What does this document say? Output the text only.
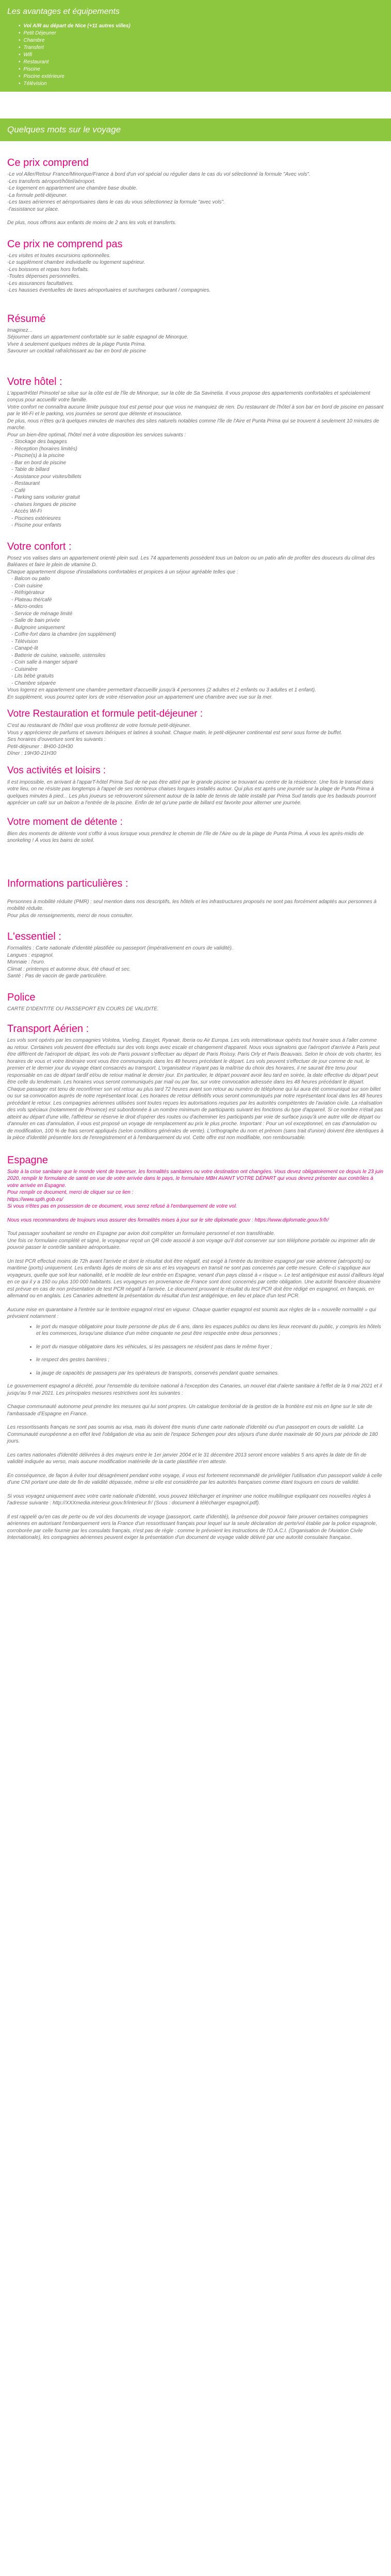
Les avantages et équipements
• Vol A/R au départ de Nice (+11 autres villes)
• Petit Déjeuner
• Chambre
• Transfert
• Wifi
• Restaurant
• Piscine
• Piscine extérieure
• Télévision
Quelques mots sur le voyage
Ce prix comprend

-Le vol Aller/Retour France/Minorque/France à bord d'un vol spécial ou régulier dans le cas du vol sélectionné la formule "Avec vols".

-Les transferts aéroport/hôtel/aéroport.

-Le logement en appartement une chambre base double.

-La formule petit-déjeuner.

-Les taxes aériennes et aéroportuaires dans le cas du vous sélectionnez la formule "avec vols".

-l'assistance sur place.

De plus, nous offrons aux enfants de moins de 2 ans les vols et transferts.

Ce prix ne comprend pas

-Les visites et toutes excursions optionnelles.

-Le supplément chambre individuelle ou logement supérieur.

-Les boissons et repas hors forfaits.

-Toutes dépenses personnelles.

-Les assurances facultatives.

-Les hausses éventuelles de taxes aéroportuaires et surcharges carburant / compagnies.

Résumé

Imaginez...

Séjourner dans un appartement confortable sur le sable espagnol de Minorque.

Vivre à seulement quelques mètres de la plage Punta Prima.

Savourer un cocktail rafraîchissant au bar en bord de piscine

Votre hôtel :

L'appartHôtel Prinsotel se situe sur la côte est de l'île de Minorque, sur la côte de Sa Savinetia. Il vous propose des appartements confortables et spécialement conçus pour accueillir votre famille.

Votre confort ne connaîtra aucune limite puisque tout est pensé pour que vous ne manquiez de rien. Du restaurant de l'hôtel à son bar en bord de piscine en passant par le Wi-Fi et le parking, vos journées se seront que détente et insouciance.

De plus, nous n'êtes qu'à quelques minutes de marches des sites naturels notables comme l'île de l'Aire et Punta Prima qui se trouvent à seulement 10 minutes de marche.

Pour un bien-être optimal, l'hôtel met à votre disposition les services suivants :

- Stockage des bagages

- Réception (horaires limités)

- Piscine(s) à la piscine

- Bar en bord de piscine

- Table de billard

- Assistance pour visites/billets

- Restaurant

- Café

- Parking sans voiturier gratuit

- chaises longues de piscine

- Accès Wi-Fi

- Piscines extérieures

- Piscine pour enfants

Votre confort :

Posez vos valises dans un appartement orienté plein sud. Les 74 appartements possèdent tous un balcon ou un patio afin de profiter des douceurs du climat des Baléares et faire le plein de vitamine D.

Chaque appartement dispose d'installations confortables et propices à un séjour agréable telles que :

- Balcon ou patio

- Coin cuisine

- Réfrigérateur

- Plateau thé/café

- Micro-ondes

- Service de ménage limité

- Salle de bain privée

- Bulgnoire uniquement

- Coffre-fort dans la chambre (en supplément)

- Télévision

- Canapé-lit

- Batterie de cuisine, vaisselle, ustensiles

- Coin salle à manger séparé

- Cuisinière

- Lits bébé gratuits

- Chambre séparée

Vous logerez en appartement une chambre permettant d'accueillir jusqu'à 4 personnes (2 adultes et 2 enfants ou 3 adultes et 1 enfant).

En supplément, vous pourrez opter lors de votre réservation pour un appartement une chambre avec vue sur la mer.

Votre Restauration et formule petit-déjeuner :

C'est au restaurant de l'hôtel que vous profiterez de votre formule petit-déjeuner.

Vous y apprécierez de parfums et saveurs ibériques et latines à souhait. Chaque matin, le petit-déjeuner continental est servi sous forme de buffet.

Ses horaires d'ouverture sont les suivants :

Petit-déjeuner : 8H00-10H30

Dîner : 19H30-21H30

Vos activités et loisirs :

Il est impossible, en arrivant à l'apparT-hôtel Prima Sud de ne pas être attiré par le grande piscine se trouvant au centre de la résidence. Une fois le transat dans votre lieu, on ne résiste pas longtemps à l'appel de ses nombreux chaises longues installés autour. Qui plus est après une journée sur la plage de Punta Prima à quelques minutes à pied... Les plus joueurs se retrouveront sûrement autour de la table de tennis de table installé par Prima Sud tandis que les badauds pourront apprécier un café sur un balcon a l'entrée de la piscine. Enfin de tel qu'une partie de billard est favorite pour alterner une journée.

Votre moment de détente :

Bien des moments de détente vont s'offrir à vous lorsque vous prendrez le chemin de l'île de l'Aire ou de la plage de Punta Prima. À vous les après-midis de snorkeling ! À vous les bains de soleil.

Informations particulières :

Personnes à mobilité réduite (PMR) : seul mention dans nos descriptifs, les hôtels et les infrastructures proposés ne sont pas forcément adaptés aux personnes à mobilité réduite.

Pour plus de renseignements, merci de nous consulter.

L'essentiel :

Formalités : Carte nationale d'identité plastifiée ou passeport (impérativement en cours de validité).

Langues : espagnol.

Monnaie : l'euro.

Climat : printemps et automne doux, été chaud et sec.

Santé : Pas de vaccin de garde particulière.

Police

CARTE D'IDENTITE OU PASSEPORT EN COURS DE VALIDITE.

Transport Aérien :

Les vols sont opérés par les compagnies Volotea, Vueling, Easyjet, Ryanair, Iberia ou Air Europa. Les vols internationaux opérés tout horaire sous à l'aller comme au retour. Certaines vols peuvent être effectués sur des vols longs avec escale et changement d'appareil. Nous vous signalons que l'aéroport d'arrivée à Paris peut être différent de l'aéroport de départ, les vols de Paris pouvant s'effectuer au départ de Paris Roissy, Paris Orly et Paris Beauvais. Selon le choix de vols charter, les horaires de vous et votre itinéraire vont vous être communiqués dans les 48 heures précédant le départ. Les vols peuvent s'effectuer de jour comme de nuit, le premier et le dernier jour du voyage étant consacrés au transport. L'organisateur n'ayant pas la maîtrise du choix des horaires, il ne saurait être tenu pour responsable en cas de départ tardif et/ou de retour matinal le dernier jour. En particulier, le départ pouvant avoir lieu tard en soirée, la date effective du départ peut être celle du lendemain. Les horaires vous seront communiqués par mail ou par fax, sur votre convocation adressée dans les 48 heures précédant le départ. Chaque passager est tenu de reconfirmer son vol retour au plus tard 72 heures avant son retour au numéro de téléphone qui lui aura été communiqué sur son billet ou sur sa convocation auprès de notre représentant local. Les horaires de retour définitifs vous seront communiqués par notre représentant local dans les 48 heures précédant le retour. Les compagnies aériennes utilisées sont toutes reçues les autorisations requises par les autorités compétentes de l'aviation civile. La réalisation des vols spéciaux (notamment de Province) est subordonnée à un nombre minimum de participants suivant les fonctions du type d'appareil. Si ce nombre n'était pas atteint au départ d'une ville, l'affréteur se réserve le droit d'opérer des routes ou d'acheminer les participants par voie de surface jusqu'à une autre ville de départ ou d'annuler en cas d'annulation, il vous est proposé un voyage de remplacement au prix le plus proche. Important : Pour un vol exceptionnel, en cas d'annulation ou de modification, 100 % de frais seront appliqués (selon conditions générales de vente). L'orthographe du nom et prénom (sans trait d'union) doivent être identiques à la pièce d'identité présentée lors de l'enregistrement et à l'embarquement du vol. Cette offre est non modifiable, non remboursable.

Espagne

Suite à la crise sanitaire que le monde vient de traverser, les formalités sanitaires ou votre destination ont changées. Vous devez obligatoirement ce depuis le 23 juin 2020, remplir le formulaire de santé en vue de votre arrivée dans le pays, le formulaire MBH AVANT VOTRE DÉPART qui vous devrez présenter aux contrôles à votre arrivée en Espagne.

Pour remplir ce document, merci de cliquer sur ce lien :

https://www.spth.gob.es/

Si vous n'êtes pas en possession de ce document, vous serez refusé à l'embarquement de votre vol.

Nous vous recommandons de toujours vous assurer des formalités mises à jour sur le site diplomatie.gouv : https://www.diplomatie.gouv.fr/fr/

Tout passager souhaitant se rendre en Espagne par avion doit compléter un formulaire personnel et non transférable.

Une fois ce formulaire complété et signé, le voyageur reçoit un QR code associé à son voyage qu'il doit conserver sur son téléphone portable ou imprimer afin de pouvoir passer le contrôle sanitaire aéroportuaire.

Un test PCR effectué moins de 72h avant l'arrivée et dont le résultat doit être négatif, est exigé à l'entrée du territoire espagnol par voie aérienne (aéroports) ou maritime (ports) uniquement. Les enfants âgés de moins de six ans et les voyageurs en transit ne sont pas concernés par cette mesure. Celle-ci s'applique aux voyageurs, quelle que soit leur nationalité, et le modèle de leur entrée en Espagne, venant d'un pays classé à « risque ». Le test antigénique est aussi d'ailleurs légal en ce qui il y a 150 ou plus 100 000 habitants. Les voyageurs en provenance de France sont donc concernés par cette obligation. Une autorité financière douanière est prévue en cas de non présentation de test PCR négatif à l'arrivée. Le document prouvant le résultat du test PCR doit être rédigé en espagnol, en français, en allemand ou en anglais. Les Canaries admettent la présentation du résultat d'un test antigénique, en lieu et place d'un test PCR.

Aucune mise en quarantaine à l'entrée sur le territoire espagnol n'est en vigueur. Chaque quartier espagnol est soumis aux règles de la « nouvelle normalité » qui prévoient notamment :

• le port du masque obligatoire pour toute personne de plus de 6 ans, dans les espaces publics ou dans les lieux recevant du public, y compris les hôtels et les commerces, lorsqu'une distance d'un mètre cinquante ne peut être respectée entre deux personnes ;
• le port du masque obligatoire dans les véhicules, si les passagers ne résident pas dans le même foyer ;
• le respect des gestes barrières ;
• la jauge de capacités de passagers par les opérateurs de transports, conservés pendant quatre semaines.

Le gouvernement espagnol a décrété, pour l'ensemble du territoire national à l'exception des Canaries, un nouvel état d'alerte sanitaire à l'effet de la 9 mai 2021 et il jusqu'au 9 mai 2021. Les principales mesures restrictives sont les suivantes :

Chaque communauté autonome peut prendre les mesures qui lui sont propres. Un catalogue territorial de la gestion de la frontière est mis en ligne sur le site de l'ambassade d'Espagne en France.

Les ressortissants français ne sont pas soumis au visa, mais ils doivent être munis d'une carte nationale d'identité ou d'un passeport en cours de validité. La Communauté européenne a en effet levé l'obligation de visa au sein de l'espace Schengen pour des séjours d'une durée maximale de 90 jours par période de 180 jours.

Les cartes nationales d'identité délivrées à des majeurs entre le 1er janvier 2004 et le 31 décembre 2013 seront encore valables 5 ans après la date de fin de validité indiquée au verso, mais aucune modification matérielle de la carte plastifiée n'en atteste.

En conséquence, de façon à éviter tout désagrément pendant votre voyage, il vous est fortement recommandé de privilégier l'utilisation d'un passeport valide à celle d'une CNI portant une date de fin de validité dépassée, même si elle est considérée par les autorités françaises comme étant toujours en cours de validité.

Si vous voyagez uniquement avec votre carte nationale d'identité, vous pouvez télécharger et imprimer une notice multilingue expliquant ces nouvelles règles à l'adresse suivante : http://XXXmedia.interieur.gouv.fr/interieur.fr/ (Sous : document à télécharger espagnol.pdf).

Il est rappelé qu'en cas de perte ou de vol des documents de voyage (passeport, carte d'identité), la présence doit pouvoir faire prouver certaines compagnies aériennes en autorisant l'embarquement vers la France d'un ressortissant français pour lequel sur la seule déclaration de perte/vol établie par la police espagnole, corroborée par celle fournie par les consulats français, n'est pas de règle : comme le prévoient les instructions de l'O.A.C.I. (Organisation de l'Aviation Civile Internationale), les compagnies aériennes peuvent exiger la présentation d'un document de voyage valide délivré par une autorité consulaire française.
